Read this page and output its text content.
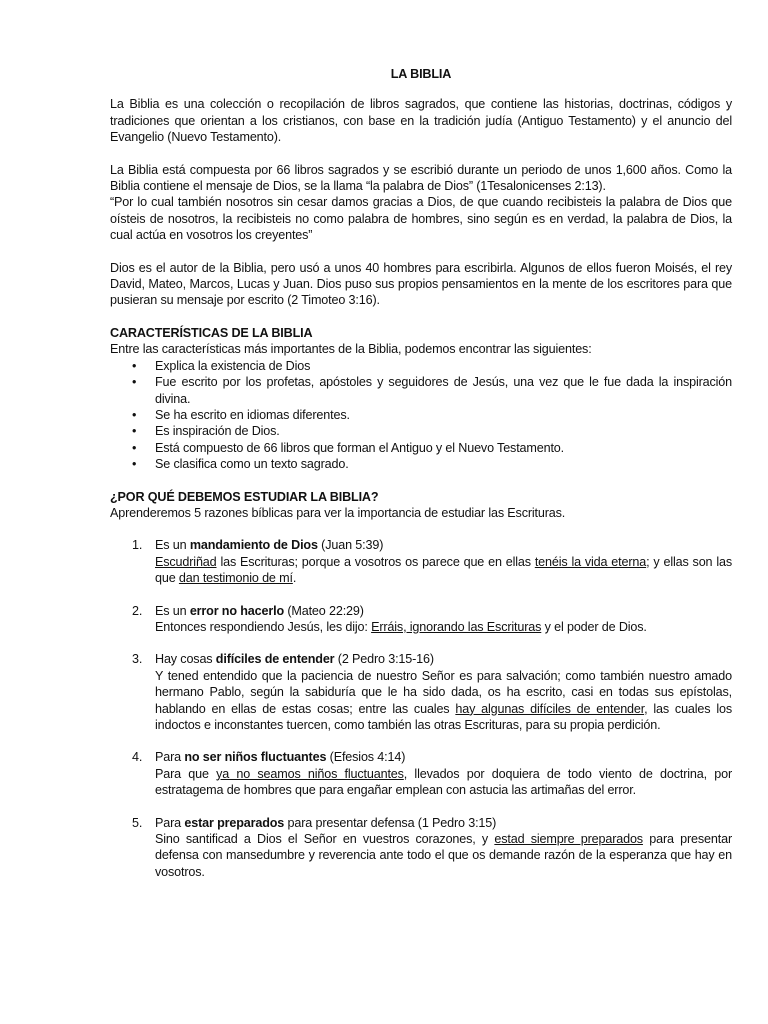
LA BIBLIA

La Biblia es una colección o recopilación de libros sagrados, que contiene las historias, doctrinas, códigos y tradiciones que orientan a los cristianos, con base en la tradición judía (Antiguo Testamento) y el anuncio del Evangelio (Nuevo Testamento).

La Biblia está compuesta por 66 libros sagrados y se escribió durante un periodo de unos 1,600 años. Como la Biblia contiene el mensaje de Dios, se la llama “la palabra de Dios” (1Tesalonicenses 2:13).

“Por lo cual también nosotros sin cesar damos gracias a Dios, de que cuando recibisteis la palabra de Dios que oísteis de nosotros, la recibisteis no como palabra de hombres, sino según es en verdad, la palabra de Dios, la cual actúa en vosotros los creyentes”

Dios es el autor de la Biblia, pero usó a unos 40 hombres para escribirla. Algunos de ellos fueron Moisés, el rey David, Mateo, Marcos, Lucas y Juan. Dios puso sus propios pensamientos en la mente de los escritores para que pusieran su mensaje por escrito (2 Timoteo 3:16).

CARACTERÍSTICAS DE LA BIBLIA

Entre las características más importantes de la Biblia, podemos encontrar las siguientes:

• Explica la existencia de Dios
• Fue escrito por los profetas, apóstoles y seguidores de Jesús, una vez que le fue dada la inspiración divina.
• Se ha escrito en idiomas diferentes.
• Es inspiración de Dios.
• Está compuesto de 66 libros que forman el Antiguo y el Nuevo Testamento.
• Se clasifica como un texto sagrado.
¿POR QUÉ DEBEMOS ESTUDIAR LA BIBLIA?

Aprenderemos 5 razones bíblicas para ver la importancia de estudiar las Escrituras.

1. Es un mandamiento de Dios (Juan 5:39)
Escudriñad las Escrituras; porque a vosotros os parece que en ellas tenéis la vida eterna; y ellas son las que dan testimonio de mí.
2. Es un error no hacerlo (Mateo 22:29)
Entonces respondiendo Jesús, les dijo: Erráis, ignorando las Escrituras y el poder de Dios.
3. Hay cosas difíciles de entender (2 Pedro 3:15-16)
Y tened entendido que la paciencia de nuestro Señor es para salvación; como también nuestro amado hermano Pablo, según la sabiduría que le ha sido dada, os ha escrito, casi en todas sus epístolas, hablando en ellas de estas cosas; entre las cuales hay algunas difíciles de entender, las cuales los indoctos e inconstantes tuercen, como también las otras Escrituras, para su propia perdición.
4. Para no ser niños fluctuantes (Efesios 4:14)
Para que ya no seamos niños fluctuantes, llevados por doquiera de todo viento de doctrina, por estratagema de hombres que para engañar emplean con astucia las artimañas del error.
5. Para estar preparados para presentar defensa (1 Pedro 3:15)
Sino santificad a Dios el Señor en vuestros corazones, y estad siempre preparados para presentar defensa con mansedumbre y reverencia ante todo el que os demande razón de la esperanza que hay en vosotros.
